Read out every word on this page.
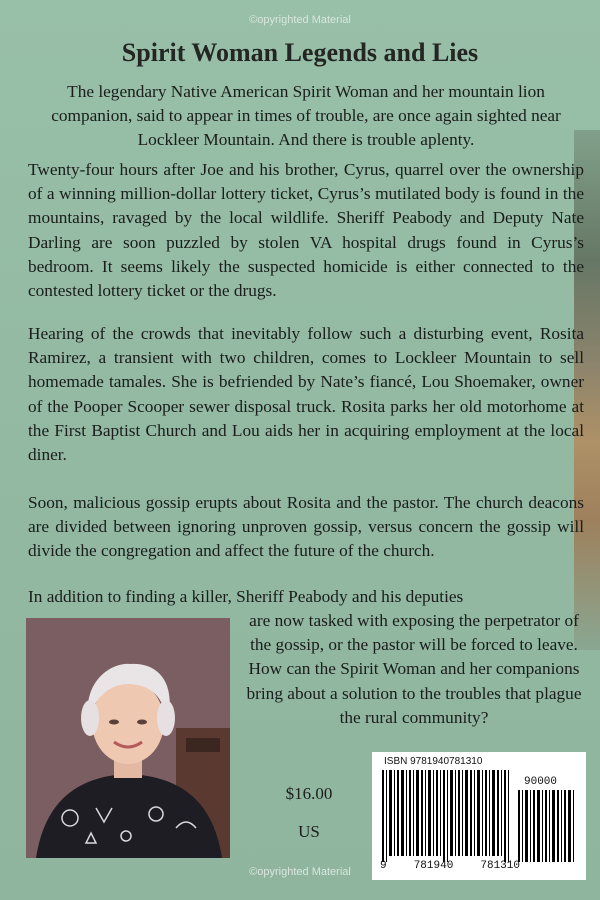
©opyrighted Material
Spirit Woman Legends and Lies

The legendary Native American Spirit Woman and her mountain lion companion, said to appear in times of trouble, are once again sighted near Lockleer Mountain. And there is trouble aplenty.

Twenty-four hours after Joe and his brother, Cyrus, quarrel over the ownership of a winning million-dollar lottery ticket, Cyrus’s mutilated body is found in the mountains, ravaged by the local wildlife. Sheriff Peabody and Deputy Nate Darling are soon puzzled by stolen VA hospital drugs found in Cyrus’s bedroom. It seems likely the suspected homicide is either connected to the contested lottery ticket or the drugs.

Hearing of the crowds that inevitably follow such a disturbing event, Rosita Ramirez, a transient with two children, comes to Lockleer Mountain to sell homemade tamales. She is befriended by Nate’s fiancé, Lou Shoemaker, owner of the Pooper Scooper sewer disposal truck. Rosita parks her old motorhome at the First Baptist Church and Lou aids her in acquiring employment at the local diner.

Soon, malicious gossip erupts about Rosita and the pastor. The church deacons are divided between ignoring unproven gossip, versus concern the gossip will divide the congregation and affect the future of the church.

In addition to finding a killer, Sheriff Peabody and his deputies

are now tasked with exposing the perpetrator of the gossip, or the pastor will be forced to leave. How can the Spirit Woman and her companions bring about a solution to the troubles that plague the rural community?

$16.00
US
ISBN 9781940781310
90000
9 781940 781310
©opyrighted Material
